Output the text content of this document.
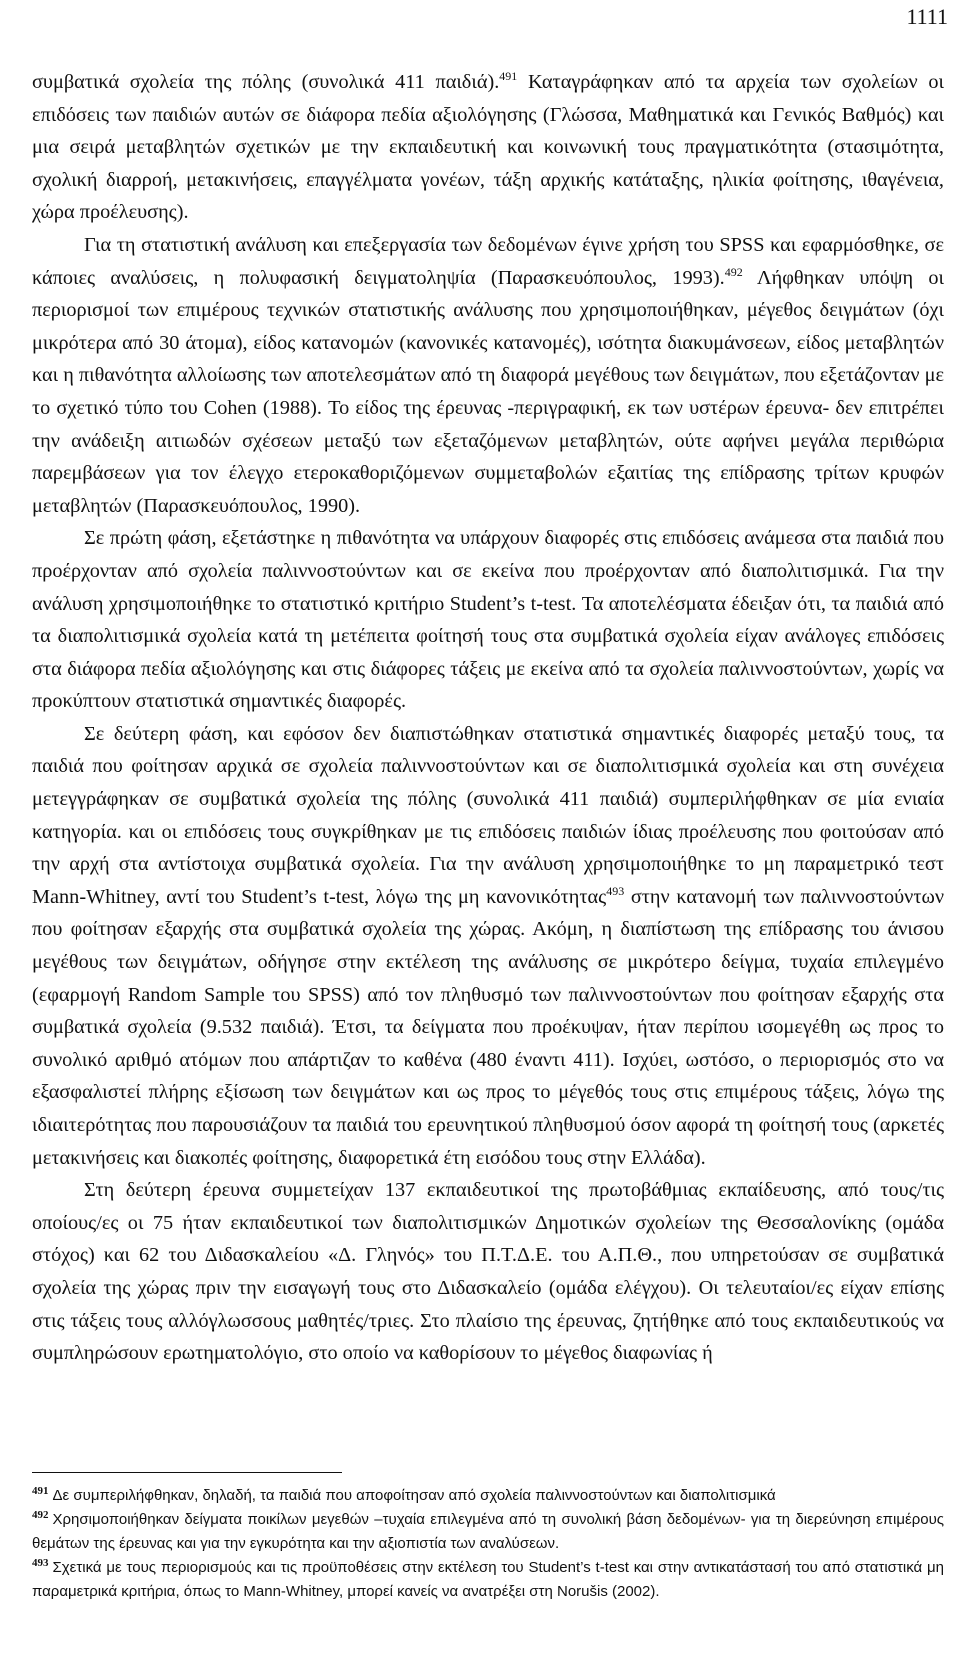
1111

συμβατικά σχολεία της πόλης (συνολικά 411 παιδιά).$^{491}$ Καταγράφηκαν από τα αρχεία των σχολείων οι επιδόσεις των παιδιών αυτών σε διάφορα πεδία αξιολόγησης (Γλώσσα, Μαθηματικά και Γενικός Βαθμός) και μια σειρά μεταβλητών σχετικών με την εκπαιδευτική και κοινωνική τους πραγματικότητα (στασιμότητα, σχολική διαρροή, μετακινήσεις, επαγγέλματα γονέων, τάξη αρχικής κατάταξης, ηλικία φοίτησης, ιθαγένεια, χώρα προέλευσης).

Για τη στατιστική ανάλυση και επεξεργασία των δεδομένων έγινε χρήση του SPSS και εφαρμόσθηκε, σε κάποιες αναλύσεις, η πολυφασική δειγματοληψία (Παρασκευόπουλος, 1993).$^{492}$ Λήφθηκαν υπόψη οι περιορισμοί των επιμέρους τεχνικών στατιστικής ανάλυσης που χρησιμοποιήθηκαν, μέγεθος δειγμάτων (όχι μικρότερα από 30 άτομα), είδος κατανομών (κανονικές κατανομές), ισότητα διακυμάνσεων, είδος μεταβλητών και η πιθανότητα αλλοίωσης των αποτελεσμάτων από τη διαφορά μεγέθους των δειγμάτων, που εξετάζονταν με το σχετικό τύπο του Cohen (1988). Το είδος της έρευνας -περιγραφική, εκ των υστέρων έρευνα- δεν επιτρέπει την ανάδειξη αιτιωδών σχέσεων μεταξύ των εξεταζόμενων μεταβλητών, ούτε αφήνει μεγάλα περιθώρια παρεμβάσεων για τον έλεγχο ετεροκαθοριζόμενων συμμεταβολών εξαιτίας της επίδρασης τρίτων κρυφών μεταβλητών (Παρασκευόπουλος, 1990).

Σε πρώτη φάση, εξετάστηκε η πιθανότητα να υπάρχουν διαφορές στις επιδόσεις ανάμεσα στα παιδιά που προέρχονταν από σχολεία παλιννοστούντων και σε εκείνα που προέρχονταν από διαπολιτισμικά. Για την ανάλυση χρησιμοποιήθηκε το στατιστικό κριτήριο Student’s t-test. Τα αποτελέσματα έδειξαν ότι, τα παιδιά από τα διαπολιτισμικά σχολεία κατά τη μετέπειτα φοίτησή τους στα συμβατικά σχολεία είχαν ανάλογες επιδόσεις στα διάφορα πεδία αξιολόγησης και στις διάφορες τάξεις με εκείνα από τα σχολεία παλιννοστούντων, χωρίς να προκύπτουν στατιστικά σημαντικές διαφορές.

Σε δεύτερη φάση, και εφόσον δεν διαπιστώθηκαν στατιστικά σημαντικές διαφορές μεταξύ τους, τα παιδιά που φοίτησαν αρχικά σε σχολεία παλιννοστούντων και σε διαπολιτισμικά σχολεία και στη συνέχεια μετεγγράφηκαν σε συμβατικά σχολεία της πόλης (συνολικά 411 παιδιά) συμπεριλήφθηκαν σε μία ενιαία κατηγορία. και οι επιδόσεις τους συγκρίθηκαν με τις επιδόσεις παιδιών ίδιας προέλευσης που φοιτούσαν από την αρχή στα αντίστοιχα συμβατικά σχολεία. Για την ανάλυση χρησιμοποιήθηκε το μη παραμετρικό τεστ Mann-Whitney, αντί του Student’s t-test, λόγω της μη κανονικότητας$^{493}$ στην κατανομή των παλιννοστούντων που φοίτησαν εξαρχής στα συμβατικά σχολεία της χώρας. Ακόμη, η διαπίστωση της επίδρασης του άνισου μεγέθους των δειγμάτων, οδήγησε στην εκτέλεση της ανάλυσης σε μικρότερο δείγμα, τυχαία επιλεγμένο (εφαρμογή Random Sample του SPSS) από τον πληθυσμό των παλιννοστούντων που φοίτησαν εξαρχής στα συμβατικά σχολεία (9.532 παιδιά). Έτσι, τα δείγματα που προέκυψαν, ήταν περίπου ισομεγέθη ως προς το συνολικό αριθμό ατόμων που απάρτιζαν το καθένα (480 έναντι 411). Ισχύει, ωστόσο, ο περιορισμός στο να εξασφαλιστεί πλήρης εξίσωση των δειγμάτων και ως προς το μέγεθός τους στις επιμέρους τάξεις, λόγω της ιδιαιτερότητας που παρουσιάζουν τα παιδιά του ερευνητικού πληθυσμού όσον αφορά τη φοίτησή τους (αρκετές μετακινήσεις και διακοπές φοίτησης, διαφορετικά έτη εισόδου τους στην Ελλάδα).

Στη δεύτερη έρευνα συμμετείχαν 137 εκπαιδευτικοί της πρωτοβάθμιας εκπαίδευσης, από τους/τις οποίους/ες οι 75 ήταν εκπαιδευτικοί των διαπολιτισμικών Δημοτικών σχολείων της Θεσσαλονίκης (ομάδα στόχος) και 62 του Διδασκαλείου «Δ. Γληνός» του Π.Τ.Δ.Ε. του Α.Π.Θ., που υπηρετούσαν σε συμβατικά σχολεία της χώρας πριν την εισαγωγή τους στο Διδασκαλείο (ομάδα ελέγχου). Οι τελευταίοι/ες είχαν επίσης στις τάξεις τους αλλόγλωσσους μαθητές/τριες. Στο πλαίσιο της έρευνας, ζητήθηκε από τους εκπαιδευτικούς να συμπληρώσουν ερωτηματολόγιο, στο οποίο να καθορίσουν το μέγεθος διαφωνίας ή

$^{491}$ Δε συμπεριλήφθηκαν, δηλαδή, τα παιδιά που αποφοίτησαν από σχολεία παλιννοστούντων και διαπολιτισμικά

$^{492}$ Χρησιμοποιήθηκαν δείγματα ποικίλων μεγεθών –τυχαία επιλεγμένα από τη συνολική βάση δεδομένων- για τη διερεύνηση επιμέρους θεμάτων της έρευνας και για την εγκυρότητα και την αξιοπιστία των αναλύσεων.

$^{493}$ Σχετικά με τους περιορισμούς και τις προϋποθέσεις στην εκτέλεση του Student’s t-test και στην αντικατάστασή του από στατιστικά μη παραμετρικά κριτήρια, όπως το Mann-Whitney, μπορεί κανείς να ανατρέξει στη Norušis (2002).
